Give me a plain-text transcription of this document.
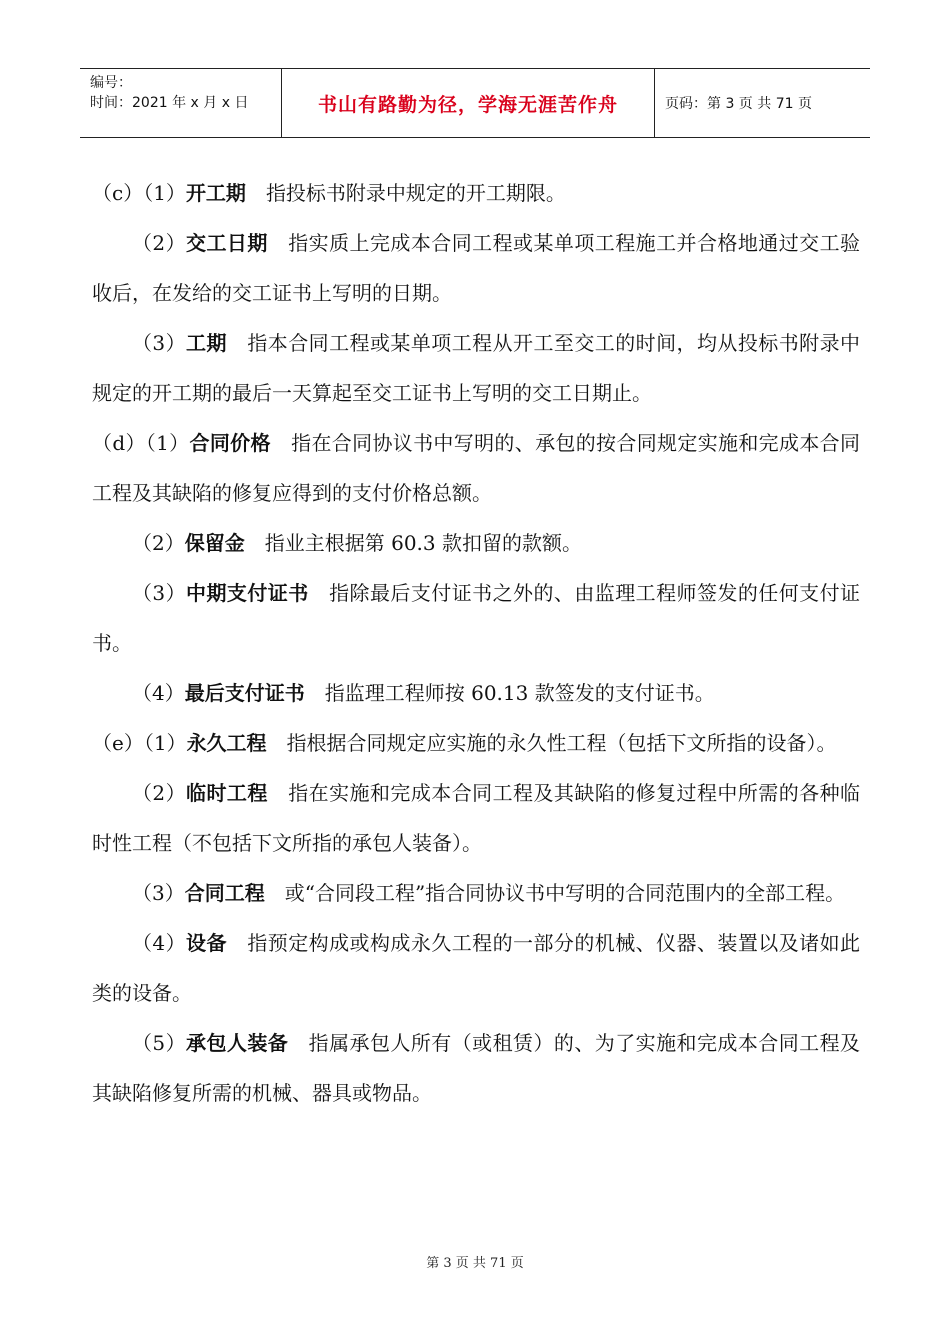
编号：
时间：2021 年 x 月 x 日	书山有路勤为径，学海无涯苦作舟	页码：第 3 页 共 71 页

（c）（1）开工期 指投标书附录中规定的开工期限。

（2）交工日期 指实质上完成本合同工程或某单项工程施工并合格地通过交工验收后，在发给的交工证书上写明的日期。

（3）工期 指本合同工程或某单项工程从开工至交工的时间，均从投标书附录中规定的开工期的最后一天算起至交工证书上写明的交工日期止。

（d）（1）合同价格 指在合同协议书中写明的、承包的按合同规定实施和完成本合同工程及其缺陷的修复应得到的支付价格总额。

（2）保留金 指业主根据第 60.3 款扣留的款额。

（3）中期支付证书 指除最后支付证书之外的、由监理工程师签发的任何支付证书。

（4）最后支付证书 指监理工程师按 60.13 款签发的支付证书。

（e）（1）永久工程 指根据合同规定应实施的永久性工程（包括下文所指的设备）。

（2）临时工程 指在实施和完成本合同工程及其缺陷的修复过程中所需的各种临时性工程（不包括下文所指的承包人装备）。

（3）合同工程 或“合同段工程”指合同协议书中写明的合同范围内的全部工程。

（4）设备 指预定构成或构成永久工程的一部分的机械、仪器、装置以及诸如此类的设备。

（5）承包人装备 指属承包人所有（或租赁）的、为了实施和完成本合同工程及其缺陷修复所需的机械、器具或物品。

第 3 页 共 71 页
